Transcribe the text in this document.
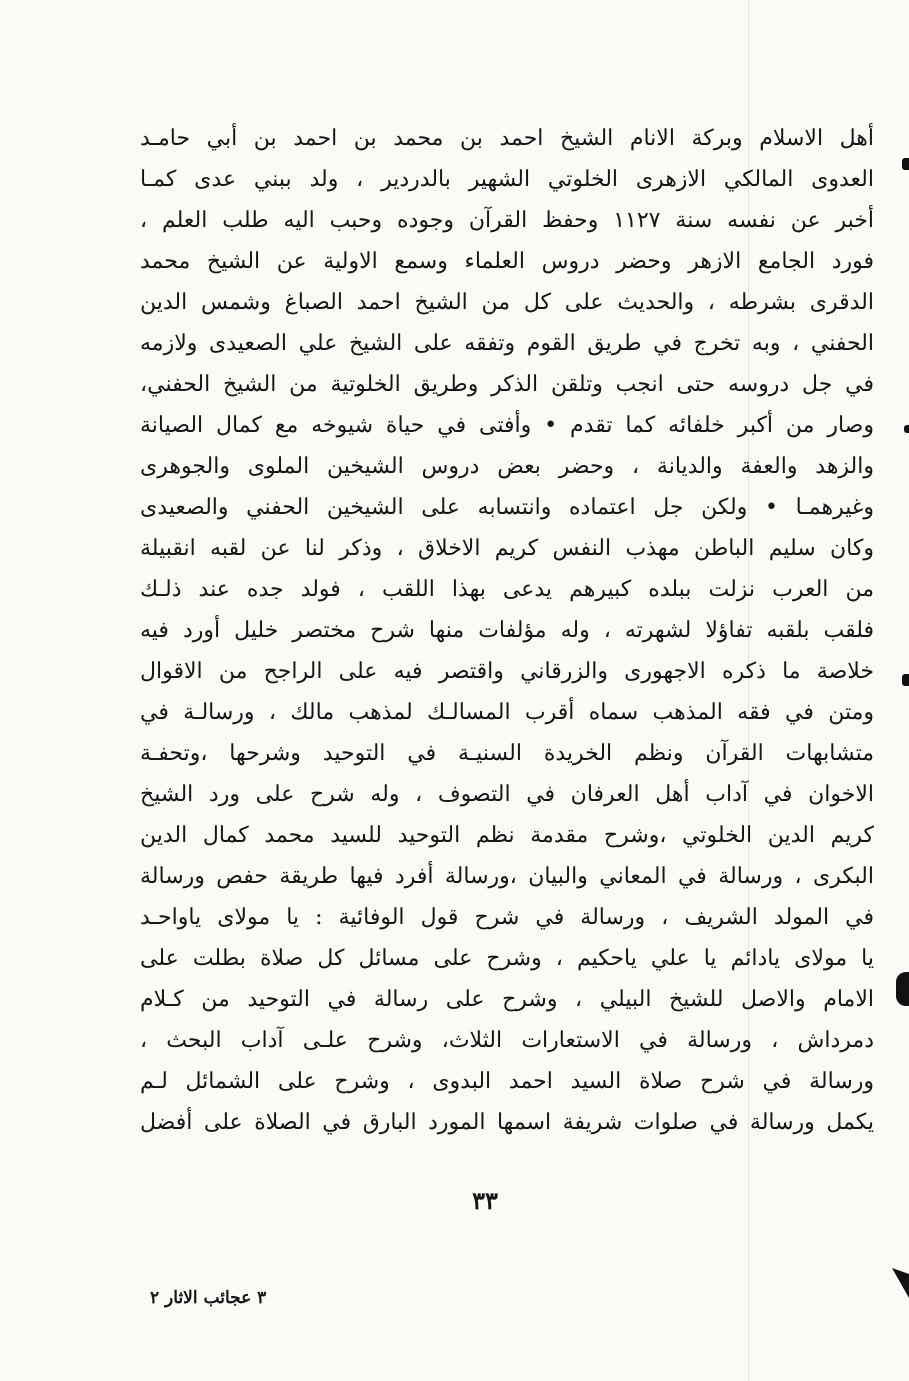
أهل الاسلام وبركة الانام الشيخ احمد بن محمد بن احمد بن أبي حامـد
العدوى المالكي الازهرى الخلوتي الشهير بالدردير ، ولد ببني عدى كمـا
أخبر عن نفسه سنة ١١٢٧ وحفظ القرآن وجوده وحبب اليه طلب العلم ،
فورد الجامع الازهر وحضر دروس العلماء وسمع الاولية عن الشيخ محمد
الدقرى بشرطه ، والحديث على كل من الشيخ احمد الصباغ وشمس الدين
الحفني ، وبه تخرج في طريق القوم وتفقه على الشيخ علي الصعيدى ولازمه
في جل دروسه حتى انجب وتلقن الذكر وطريق الخلوتية من الشيخ الحفني،
وصار من أكبر خلفائه كما تقدم • وأفتى في حياة شيوخه مع كمال الصيانة
والزهد والعفة والديانة ، وحضر بعض دروس الشيخين الملوى والجوهرى
وغيرهمـا • ولكن جل اعتماده وانتسابه على الشيخين الحفني والصعيدى
وكان سليم الباطن مهذب النفس كريم الاخلاق ، وذكر لنا عن لقبه انقبيلة
من العرب نزلت ببلده كبيرهم يدعى بهذا اللقب ، فولد جده عند ذلـك
فلقب بلقبه تفاؤلا لشهرته ، وله مؤلفات منها شرح مختصر خليل أورد فيه
خلاصة ما ذكره الاجهورى والزرقاني واقتصر فيه على الراجح من الاقوال
ومتن في فقه المذهب سماه أقرب المسالـك لمذهب مالك ، ورسالـة في
متشابهات القرآن ونظم الخريدة السنيـة في التوحيد وشرحها ،وتحفـة
الاخوان في آداب أهل العرفان في التصوف ، وله شرح على ورد الشيخ
كريم الدين الخلوتي ،وشرح مقدمة نظم التوحيد للسيد محمد كمال الدين
البكرى ، ورسالة في المعاني والبيان ،ورسالة أفرد فيها طريقة حفص ورسالة
في المولد الشريف ، ورسالة في شرح قول الوفائية : يا مولاى ياواحـد
يا مولاى يادائم يا علي ياحكيم ، وشرح على مسائل كل صلاة بطلت على
الامام والاصل للشيخ البيلي ، وشرح على رسالة في التوحيد من كـلام
دمرداش ، ورسالة في الاستعارات الثلاث، وشرح علـى آداب البحث ،
ورسالة في شرح صلاة السيد احمد البدوى ، وشرح على الشمائل لـم
يكمل ورسالة في صلوات شريفة اسمها المورد البارق في الصلاة على أفضل
٣٣
٣ عجائب الاثار ٢
